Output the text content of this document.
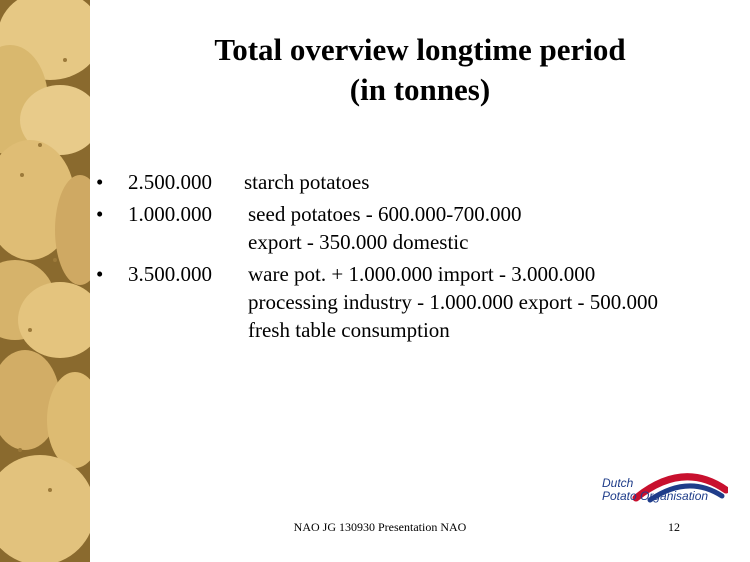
Total overview longtime period
(in tonnes)
•	2.500.000 starch potatoes
•	1.000.000 seed potatoes - 600.000-700.000
export - 350.000 domestic
•	3.500.000 ware pot. + 1.000.000 import - 3.000.000
processing industry - 1.000.000 export - 500.000
fresh table consumption
Dutch
Potato Organisation
NAO JG 130930 Presentation NAO	12
